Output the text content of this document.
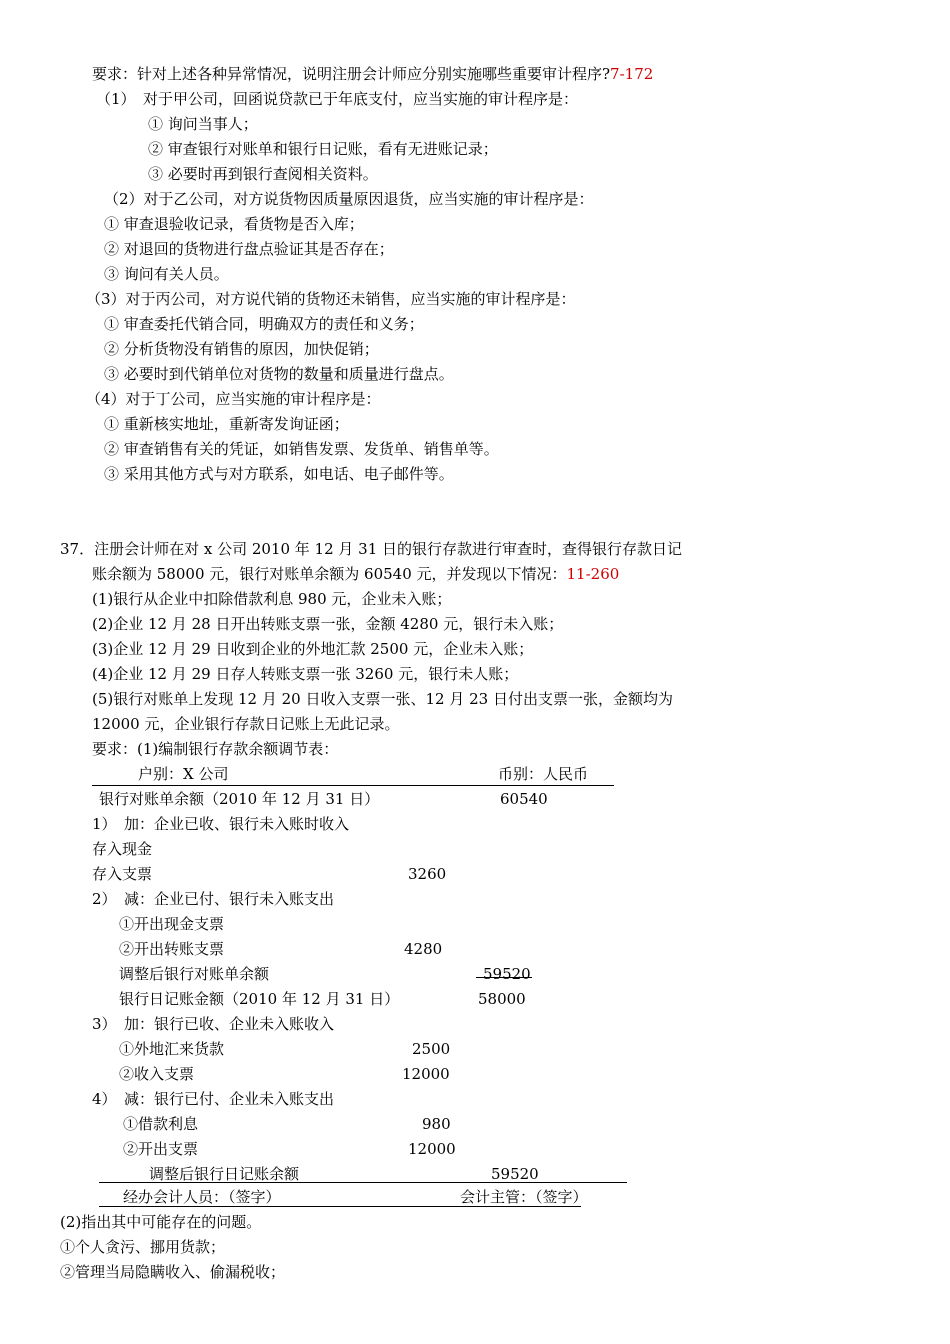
要求：针对上述各种异常情况，说明注册会计师应分别实施哪些重要审计程序?7-172
（1）　对于甲公司，回函说贷款已于年底支付，应当实施的审计程序是：
① 询问当事人；
② 审查银行对账单和银行日记账，看有无进账记录；
③ 必要时再到银行查阅相关资料。
（2）对于乙公司，对方说货物因质量原因退货，应当实施的审计程序是：
① 审查退验收记录，看货物是否入库；
② 对退回的货物进行盘点验证其是否存在；
③ 询问有关人员。
（3）对于丙公司，对方说代销的货物还未销售，应当实施的审计程序是：
① 审查委托代销合同，明确双方的责任和义务；
② 分析货物没有销售的原因，加快促销；
③ 必要时到代销单位对货物的数量和质量进行盘点。
（4）对于丁公司，应当实施的审计程序是：
① 重新核实地址，重新寄发询证函；
② 审查销售有关的凭证，如销售发票、发货单、销售单等。
③ 采用其他方式与对方联系，如电话、电子邮件等。
37．注册会计师在对 x 公司 2010 年 12 月 31 日的银行存款进行审查时，查得银行存款日记
账余额为 58000 元，银行对账单余额为 60540 元，并发现以下情况：11-260
(1)银行从企业中扣除借款利息 980 元，企业未入账；
(2)企业 12 月 28 日开出转账支票一张，金额 4280 元，银行未入账；
(3)企业 12 月 29 日收到企业的外地汇款 2500 元，企业未入账；
(4)企业 12 月 29 日存人转账支票一张 3260 元，银行未人账；
(5)银行对账单上发现 12 月 20 日收入支票一张、12 月 23 日付出支票一张，金额均为
12000 元，企业银行存款日记账上无此记录。
要求：(1)编制银行存款余额调节表：
户别：X 公司	币别：人民币
银行对账单余额（2010 年 12 月 31 日）	60540
1）　加：企业已收、银行未入账时收入
存入现金
存入支票	3260
2）　减：企业已付、银行未入账支出
①开出现金支票
②开出转账支票	4280
调整后银行对账单余额	59520
银行日记账金额（2010 年 12 月 31 日）	58000
3）　加：银行已收、企业未入账收入
①外地汇来货款	2500
②收入支票	12000
4）　减：银行已付、企业未入账支出
①借款利息	980
②开出支票	12000
调整后银行日记账余额	59520
经办会计人员：（签字）	会计主管：（签字）
(2)指出其中可能存在的问题。
①个人贪污、挪用货款；
②管理当局隐瞒收入、偷漏税收；
